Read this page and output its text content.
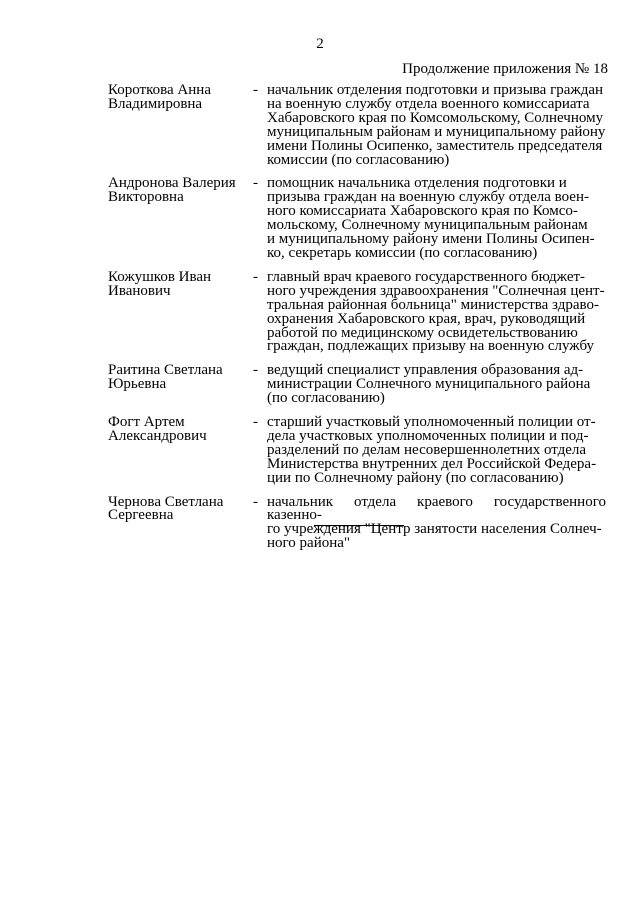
2
Продолжение приложения № 18
Короткова Анна
Владимировна
- начальник отделения подготовки и призыва граждан
на военную службу отдела военного комиссариата
Хабаровского края по Комсомольскому, Солнечному
муниципальным районам и муниципальному району
имени Полины Осипенко, заместитель председателя
комиссии (по согласованию)
Андронова Валерия
Викторовна
- помощник начальника отделения подготовки и
призыва граждан на военную службу отдела воен-
ного комиссариата Хабаровского края по Комсо-
мольскому, Солнечному муниципальным районам
и муниципальному району имени Полины Осипен-
ко, секретарь комиссии (по согласованию)
Кожушков Иван
Иванович
- главный врач краевого государственного бюджет-
ного учреждения здравоохранения "Солнечная цент-
тральная районная больница" министерства здраво-
охранения Хабаровского края, врач, руководящий
работой по медицинскому освидетельствованию
граждан, подлежащих призыву на военную службу
Раитина Светлана
Юрьевна
- ведущий специалист управления образования ад-
министрации Солнечного муниципального района
(по согласованию)
Фогт Артем
Александрович
- старший участковый уполномоченный полиции от-
дела участковых уполномоченных полиции и под-
разделений по делам несовершеннолетних отдела
Министерства внутренних дел Российской Федера-
ции по Солнечному району (по согласованию)
Чернова Светлана
Сергеевна
- начальник отдела краевого государственного казенно-
го учреждения "Центр занятости населения Солнеч-
ного района"
